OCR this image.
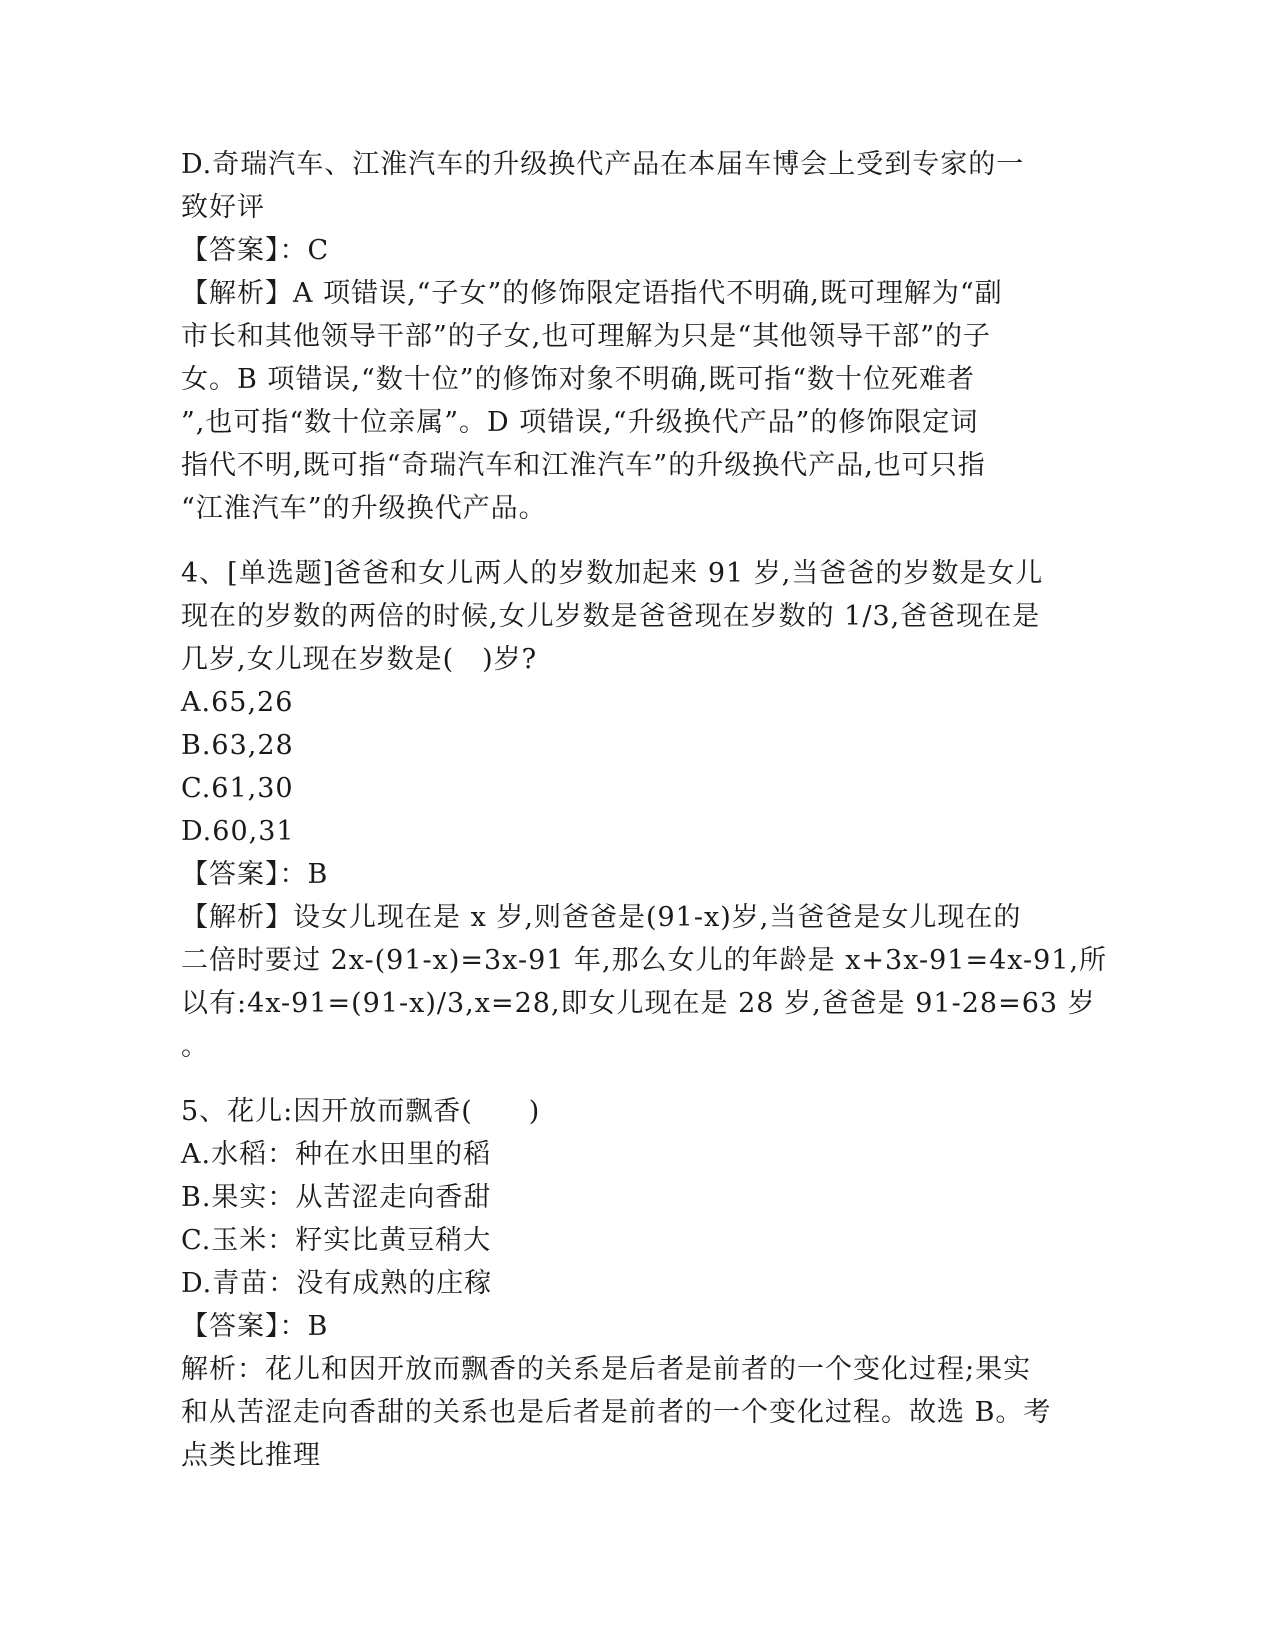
D.奇瑞汽车、江淮汽车的升级换代产品在本届车博会上受到专家的一
致好评
【答案】：C
【解析】A 项错误,“子女”的修饰限定语指代不明确,既可理解为“副
市长和其他领导干部”的子女,也可理解为只是“其他领导干部”的子
女。B 项错误,“数十位”的修饰对象不明确,既可指“数十位死难者
”,也可指“数十位亲属”。D 项错误,“升级换代产品”的修饰限定词
指代不明,既可指“奇瑞汽车和江淮汽车”的升级换代产品,也可只指
“江淮汽车”的升级换代产品。
4、[单选题]爸爸和女儿两人的岁数加起来 91 岁,当爸爸的岁数是女儿
现在的岁数的两倍的时候,女儿岁数是爸爸现在岁数的 1/3,爸爸现在是
几岁,女儿现在岁数是(　)岁?
A.65,26
B.63,28
C.61,30
D.60,31
【答案】：B
【解析】设女儿现在是 x 岁,则爸爸是(91-x)岁,当爸爸是女儿现在的
二倍时要过 2x-(91-x)=3x-91 年,那么女儿的年龄是 x+3x-91=4x-91,所
以有:4x-91=(91-x)/3,x=28,即女儿现在是 28 岁,爸爸是 91-28=63 岁
。
5、花儿:因开放而飘香(　　)
A.水稻：种在水田里的稻
B.果实：从苦涩走向香甜
C.玉米：籽实比黄豆稍大
D.青苗：没有成熟的庄稼
【答案】：B
解析：花儿和因开放而飘香的关系是后者是前者的一个变化过程;果实
和从苦涩走向香甜的关系也是后者是前者的一个变化过程。故选 B。考
点类比推理
